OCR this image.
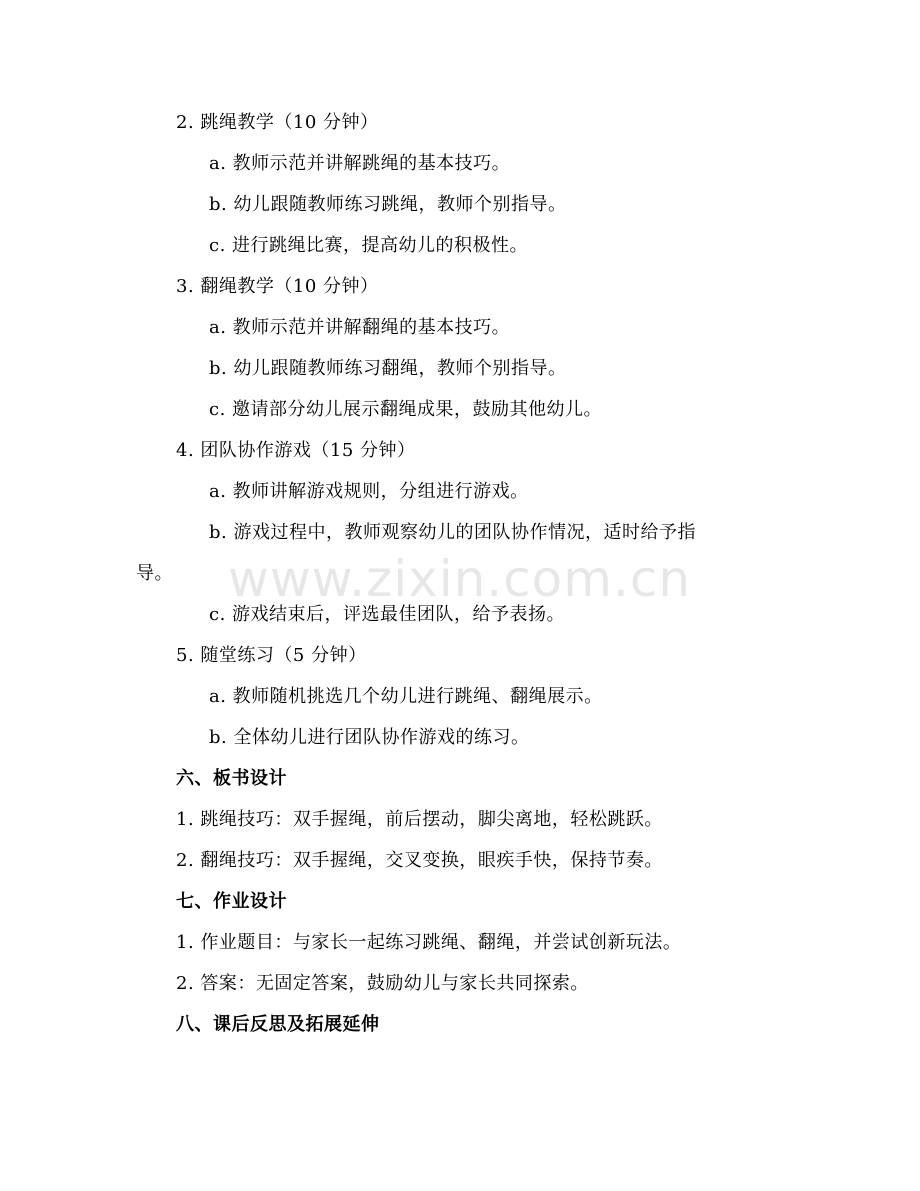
2. 跳绳教学（10 分钟）
a. 教师示范并讲解跳绳的基本技巧。
b. 幼儿跟随教师练习跳绳，教师个别指导。
c. 进行跳绳比赛，提高幼儿的积极性。
3. 翻绳教学（10 分钟）
a. 教师示范并讲解翻绳的基本技巧。
b. 幼儿跟随教师练习翻绳，教师个别指导。
c. 邀请部分幼儿展示翻绳成果，鼓励其他幼儿。
4. 团队协作游戏（15 分钟）
a. 教师讲解游戏规则，分组进行游戏。
b. 游戏过程中，教师观察幼儿的团队协作情况，适时给予指
导。
c. 游戏结束后，评选最佳团队，给予表扬。
5. 随堂练习（5 分钟）
a. 教师随机挑选几个幼儿进行跳绳、翻绳展示。
b. 全体幼儿进行团队协作游戏的练习。
六、板书设计
1. 跳绳技巧：双手握绳，前后摆动，脚尖离地，轻松跳跃。
2. 翻绳技巧：双手握绳，交叉变换，眼疾手快，保持节奏。
七、作业设计
1. 作业题目：与家长一起练习跳绳、翻绳，并尝试创新玩法。
2. 答案：无固定答案，鼓励幼儿与家长共同探索。
八、课后反思及拓展延伸
www.zixin.com.cn
